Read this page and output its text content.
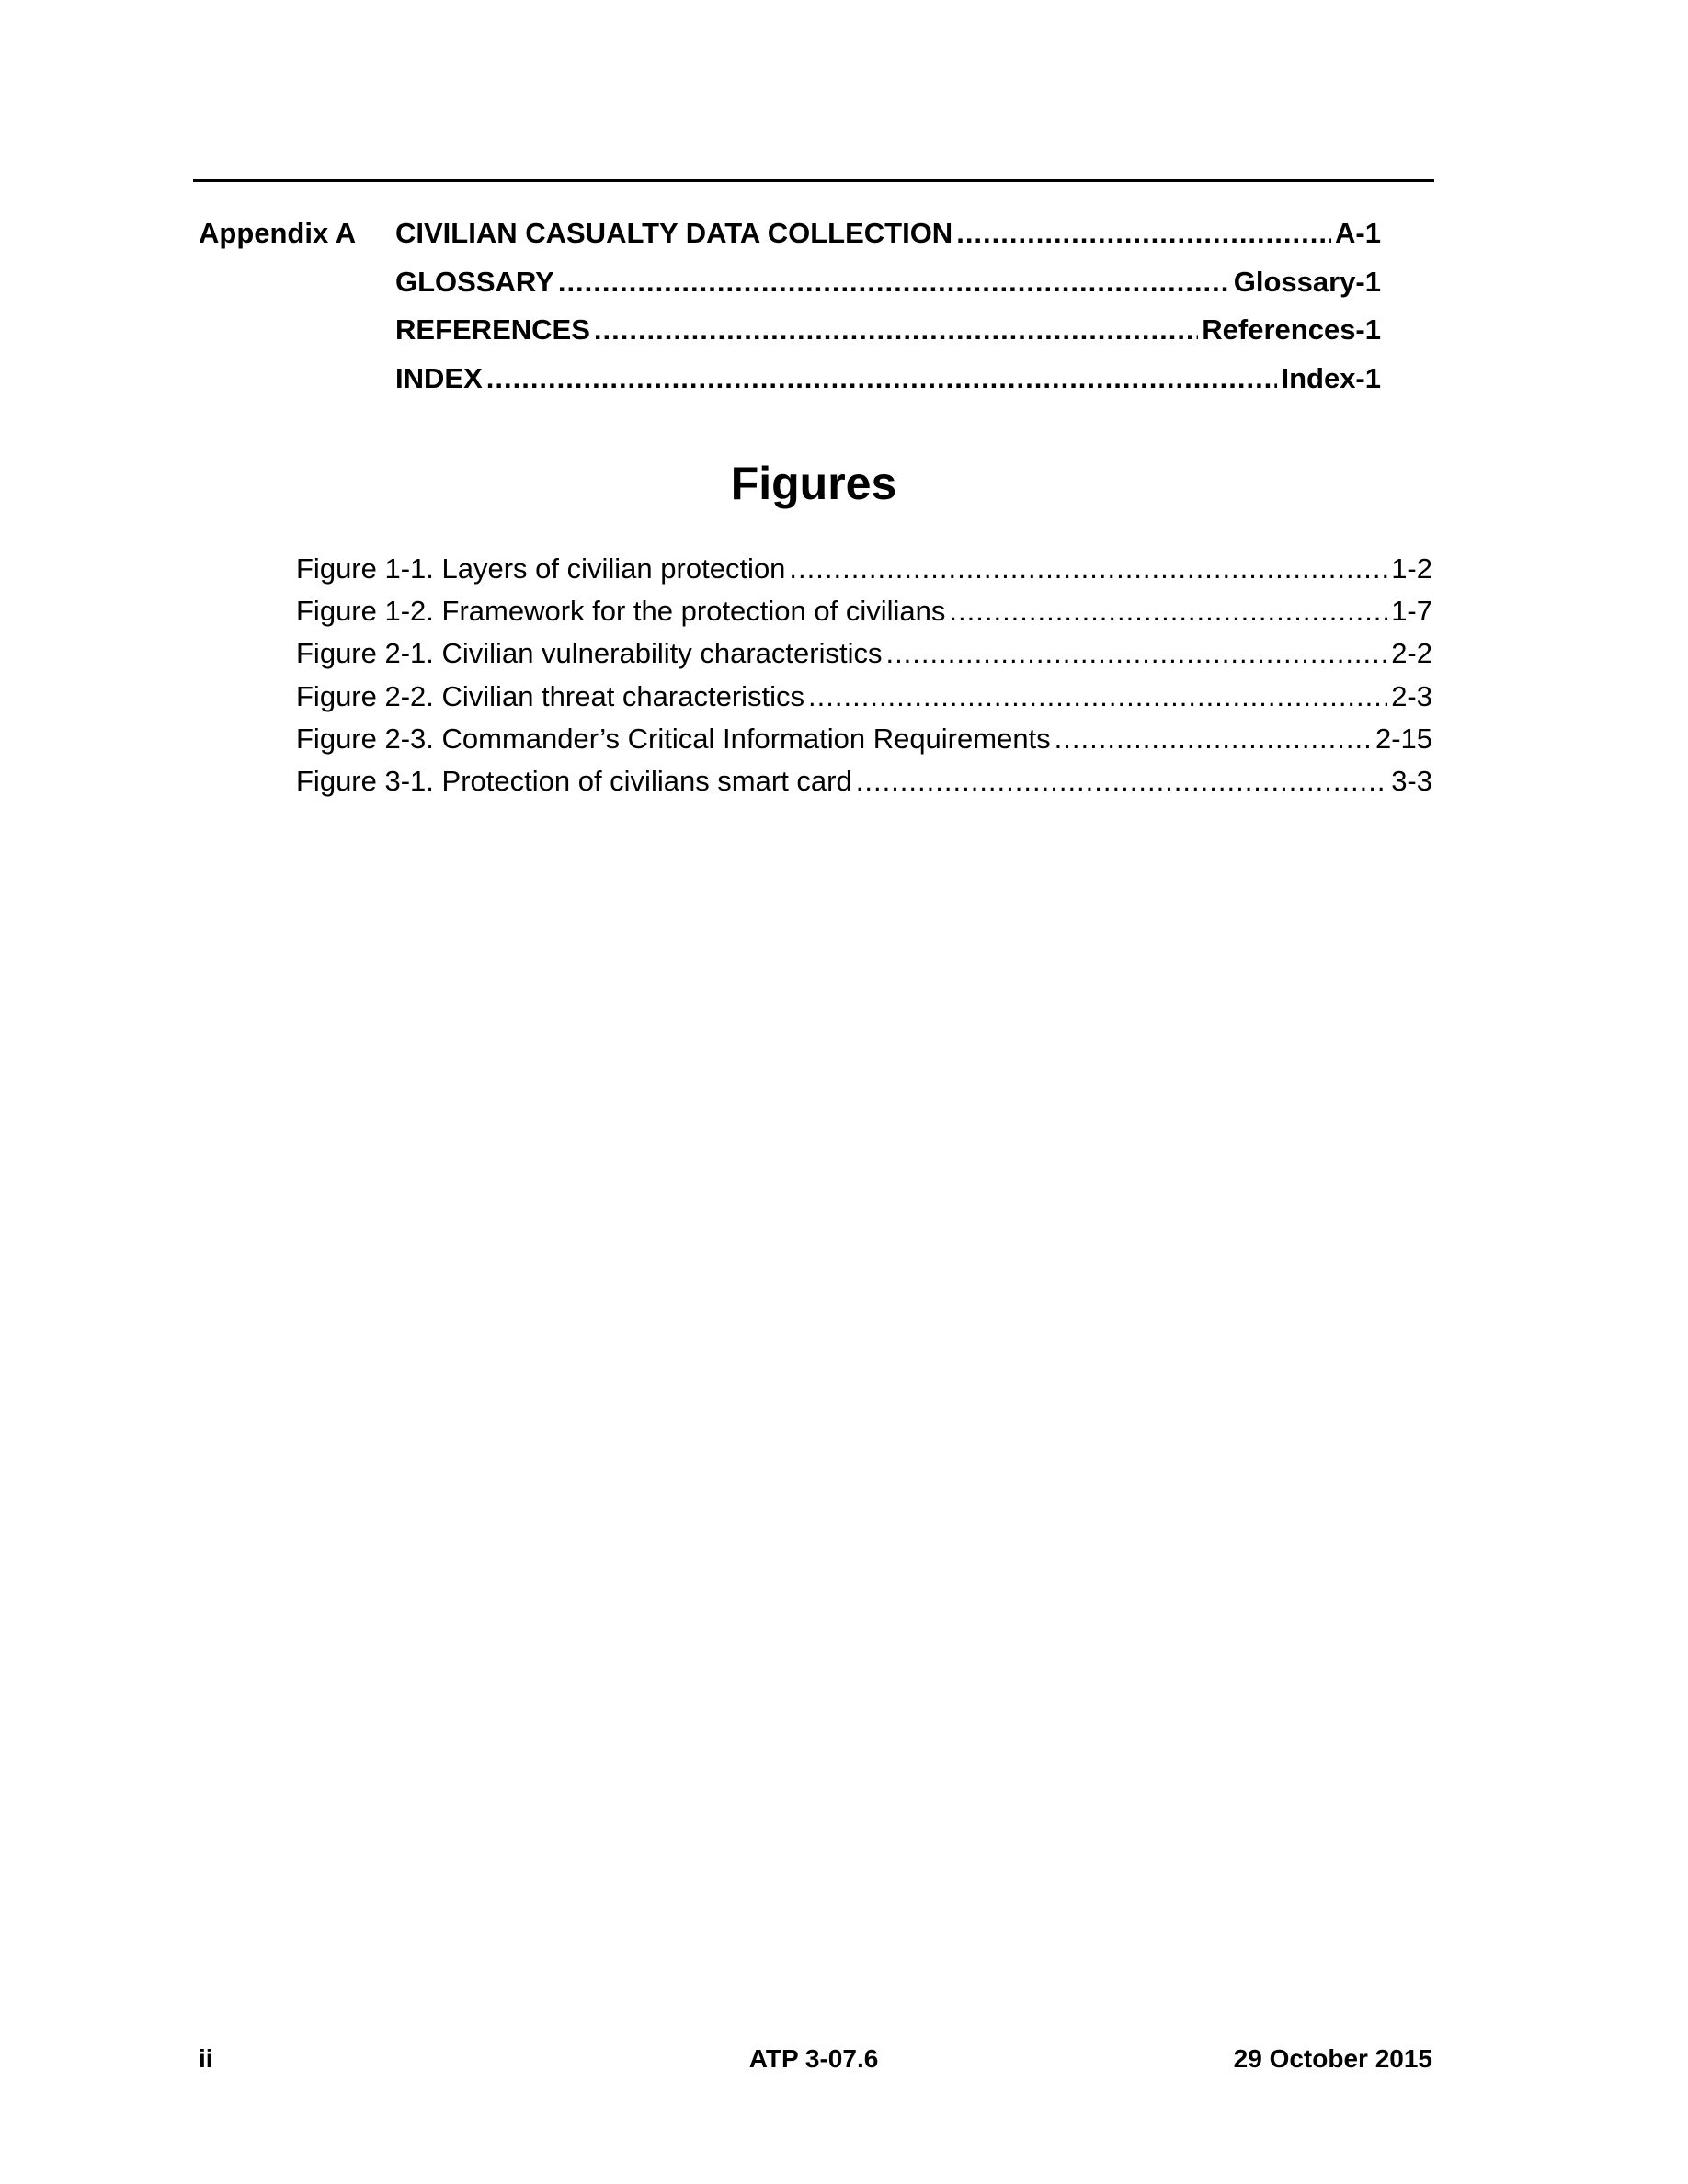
Appendix A CIVILIAN CASUALTY DATA COLLECTION .....	A-1
GLOSSARY .....	Glossary-1
REFERENCES .....	References-1
INDEX .....	Index-1
Figures
Figure 1-1. Layers of civilian protection .....	1-2
Figure 1-2. Framework for the protection of civilians .....	1-7
Figure 2-1. Civilian vulnerability characteristics .....	2-2
Figure 2-2. Civilian threat characteristics .....	2-3
Figure 2-3. Commander’s Critical Information Requirements .....	2-15
Figure 3-1. Protection of civilians smart card .....	3-3
ii	ATP 3-07.6	29 October 2015
